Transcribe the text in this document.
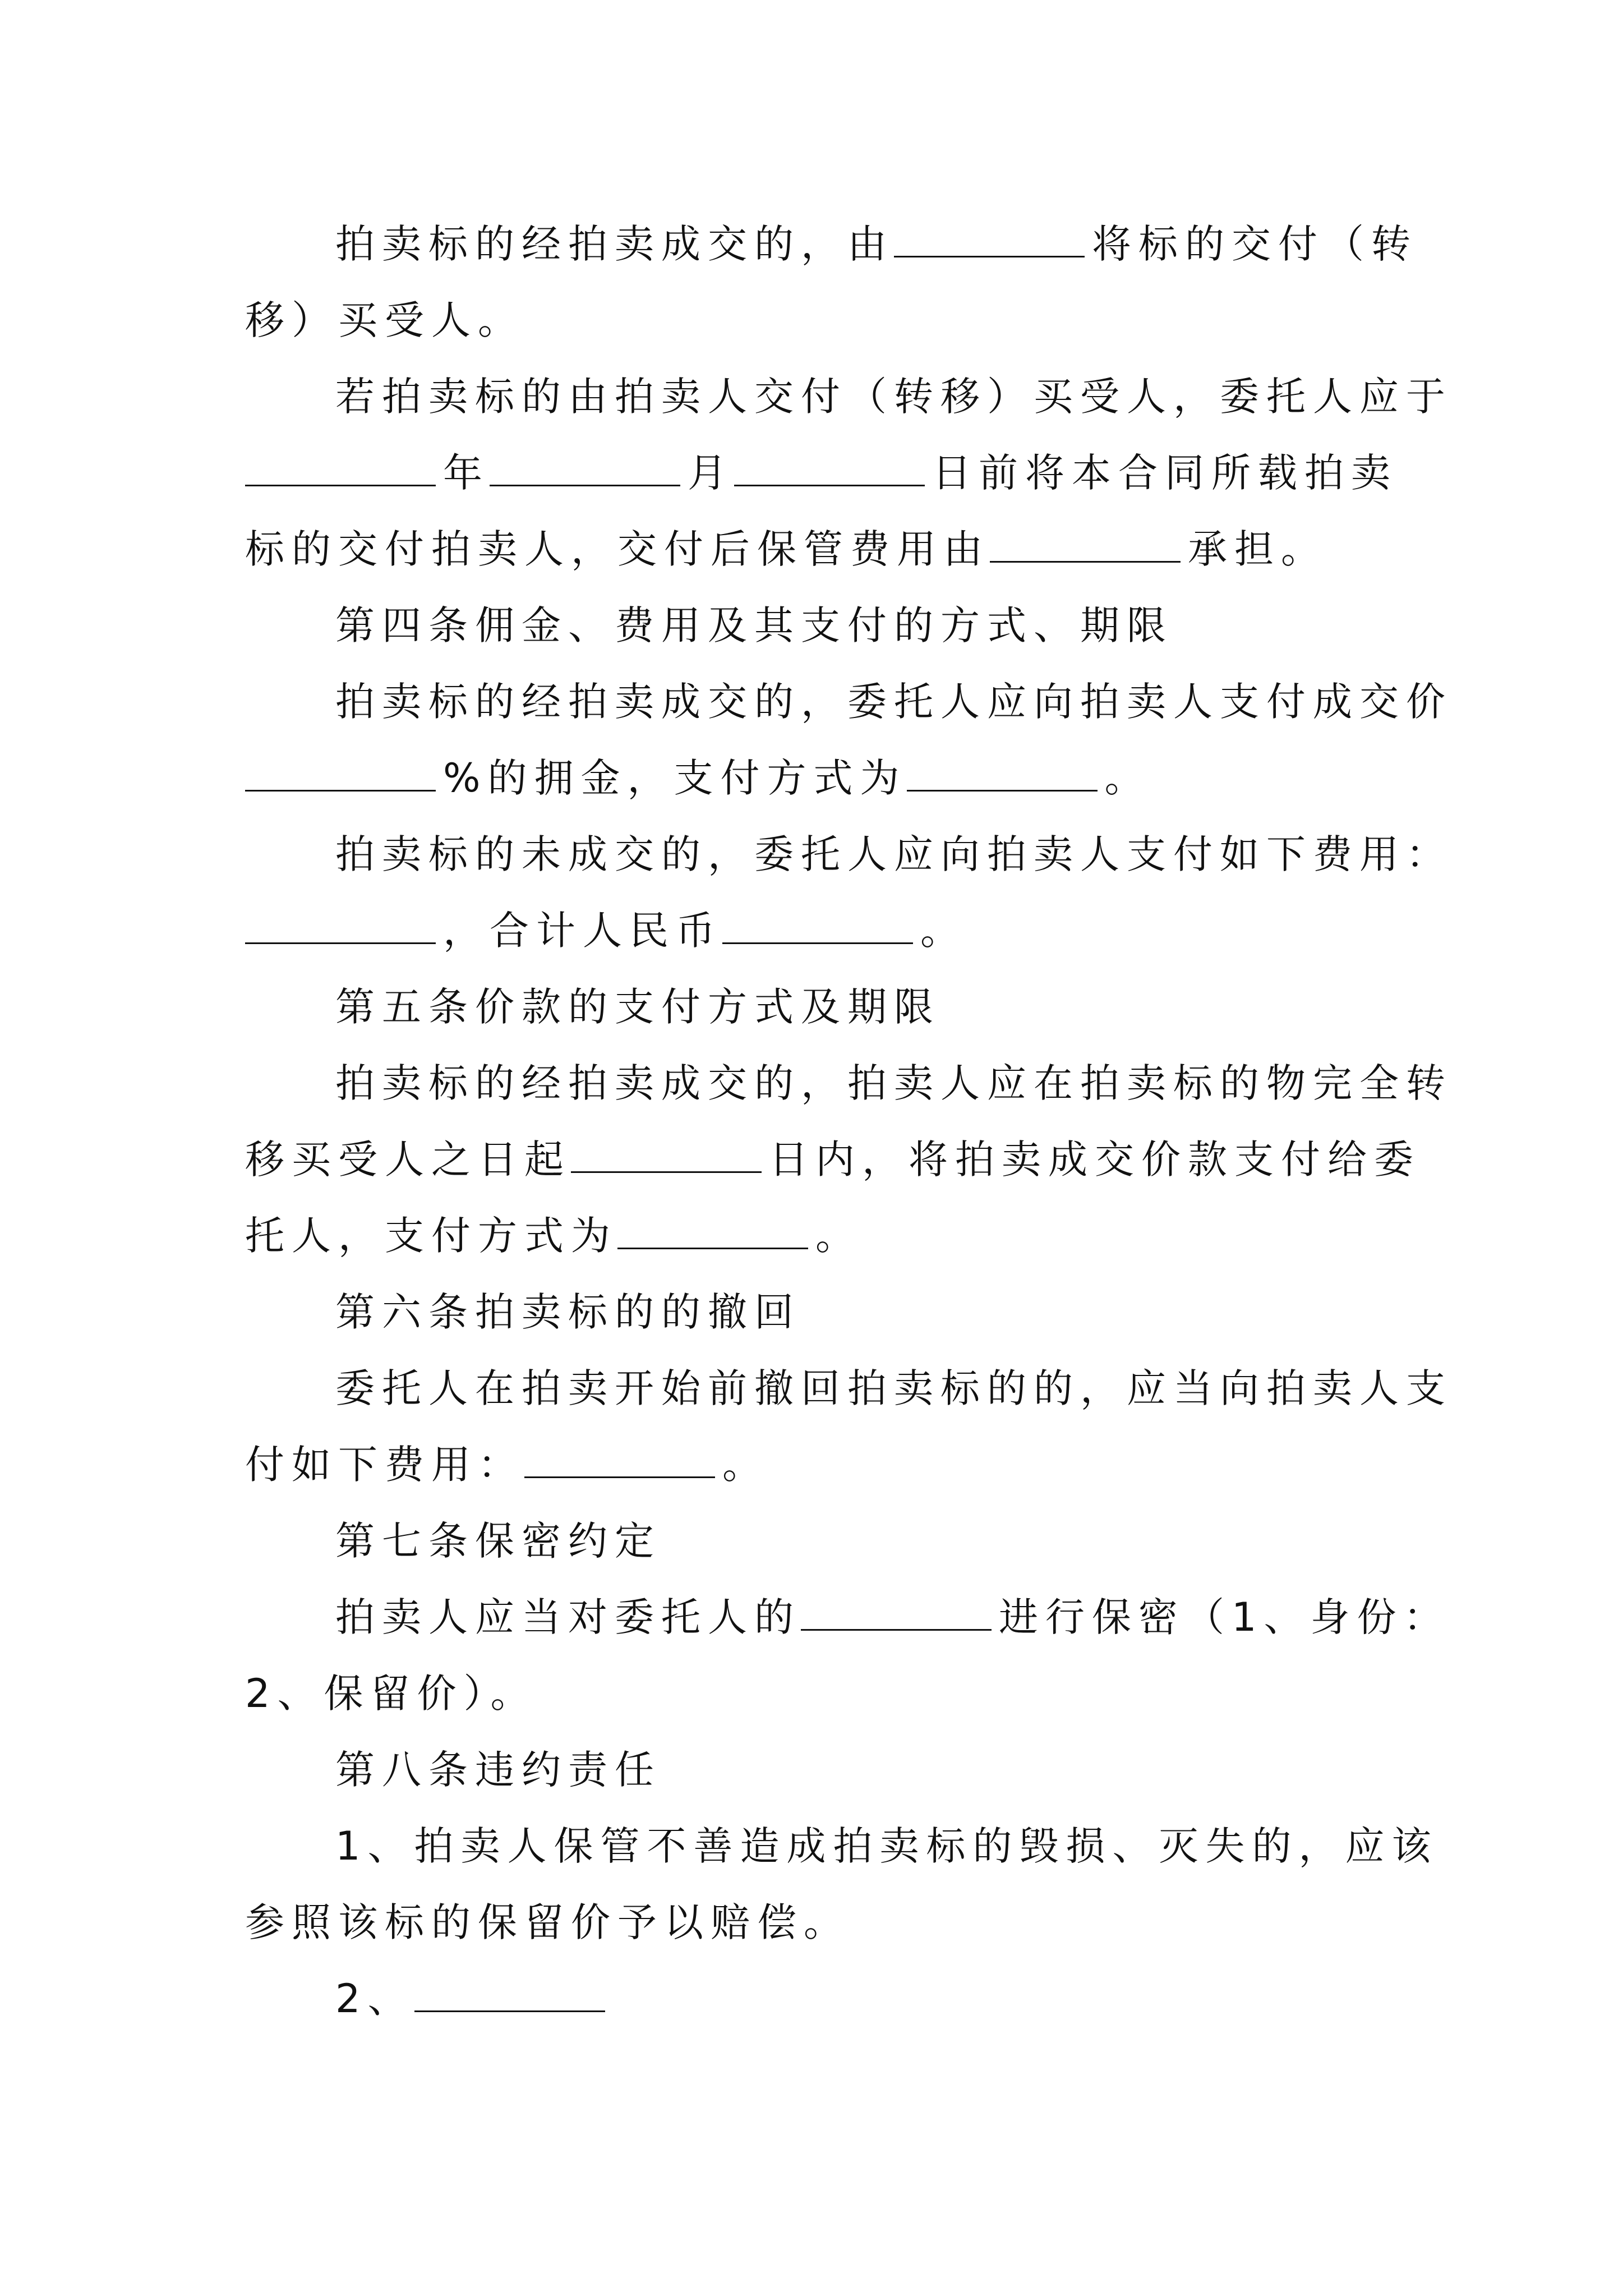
拍卖标的经拍卖成交的，由	将标的交付（转
移）买受人。
若拍卖标的由拍卖人交付（转移）买受人，委托人应于
年	月	日前将本合同所载拍卖
标的交付拍卖人，交付后保管费用由	承担。
第四条佣金、费用及其支付的方式、期限
拍卖标的经拍卖成交的，委托人应向拍卖人支付成交价
%的拥金，支付方式为	。
拍卖标的未成交的，委托人应向拍卖人支付如下费用：
，合计人民币	。
第五条价款的支付方式及期限
拍卖标的经拍卖成交的，拍卖人应在拍卖标的物完全转
移买受人之日起	日内，将拍卖成交价款支付给委
托人，支付方式为	。
第六条拍卖标的的撤回
委托人在拍卖开始前撤回拍卖标的的，应当向拍卖人支
付如下费用：	。
第七条保密约定
拍卖人应当对委托人的	进行保密（1、身份：
2、保留价）。
第八条违约责任
1、拍卖人保管不善造成拍卖标的毁损、灭失的，应该
参照该标的保留价予以赔偿。
2、
